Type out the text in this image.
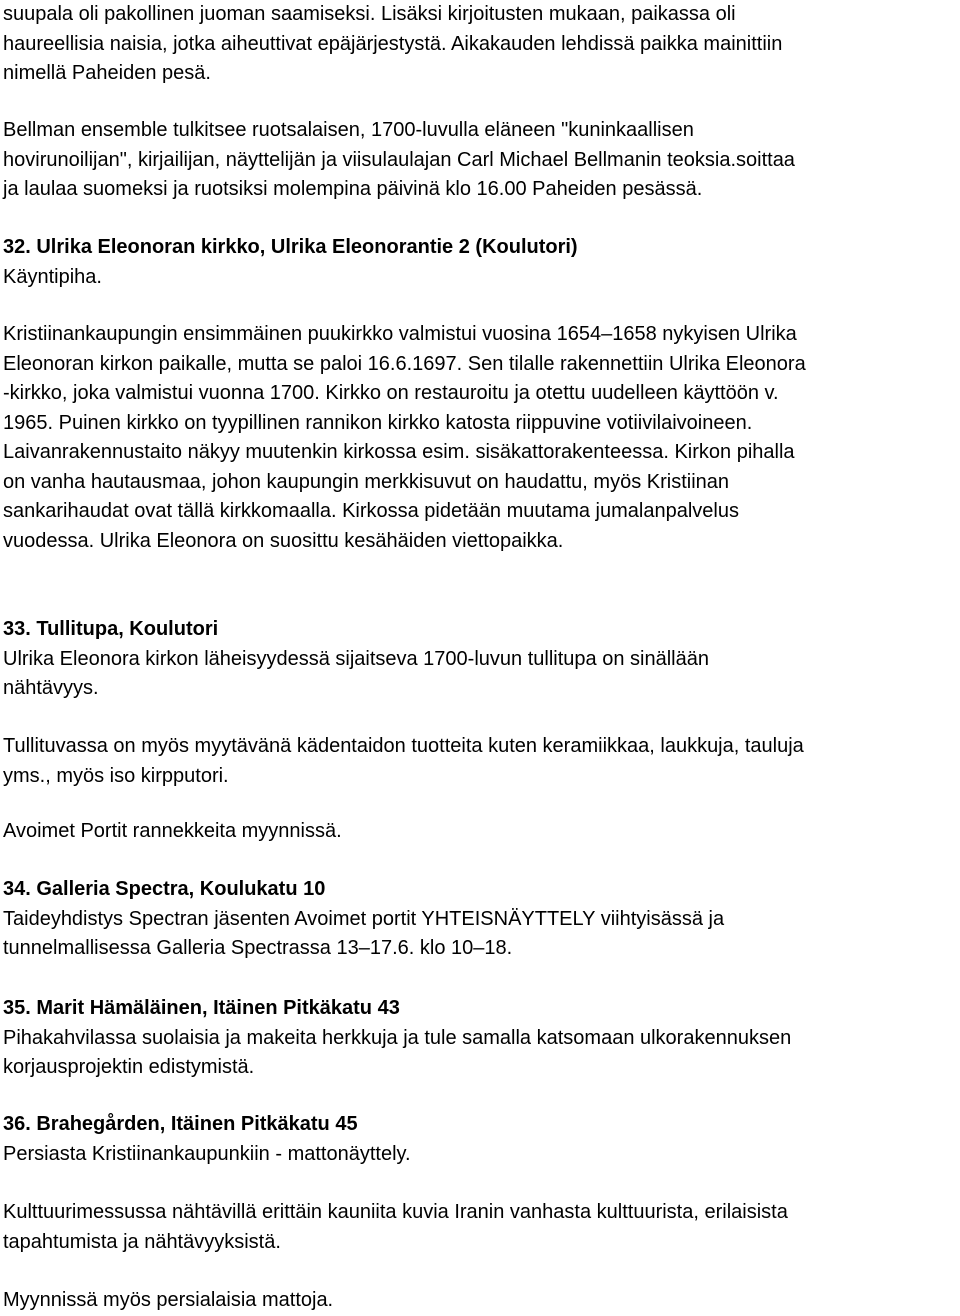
suupala oli pakollinen juoman saamiseksi. Lisäksi kirjoitusten mukaan, paikassa oli
haureellisia naisia, jotka aiheuttivat epäjärjestystä. Aikakauden lehdissä paikka mainittiin
nimellä Paheiden pesä.
Bellman ensemble tulkitsee ruotsalaisen, 1700-luvulla eläneen "kuninkaallisen
hovirunoilijan", kirjailijan, näyttelijän ja viisulaulajan Carl Michael Bellmanin teoksia.soittaa
ja laulaa suomeksi ja ruotsiksi molempina päivinä klo 16.00 Paheiden pesässä.
32. Ulrika Eleonoran kirkko, Ulrika Eleonorantie 2 (Koulutori)
Käyntipiha.
Kristiinankaupungin ensimmäinen puukirkko valmistui vuosina 1654–1658 nykyisen Ulrika
Eleonoran kirkon paikalle, mutta se paloi 16.6.1697. Sen tilalle rakennettiin Ulrika Eleonora
-kirkko, joka valmistui vuonna 1700. Kirkko on restauroitu ja otettu uudelleen käyttöön v.
1965. Puinen kirkko on tyypillinen rannikon kirkko katosta riippuvine votiivilaivoineen.
Laivanrakennustaito näkyy muutenkin kirkossa esim. sisäkattorakenteessa. Kirkon pihalla
on vanha hautausmaa, johon kaupungin merkkisuvut on haudattu, myös Kristiinan
sankarihaudat ovat tällä kirkkomaalla. Kirkossa pidetään muutama jumalanpalvelus
vuodessa. Ulrika Eleonora on suosittu kesähäiden viettopaikka.
33. Tullitupa, Koulutori
Ulrika Eleonora kirkon läheisyydessä sijaitseva 1700-luvun tullitupa on sinällään
nähtävyys.
Tullituvassa on myös myytävänä kädentaidon tuotteita kuten keramiikkaa, laukkuja, tauluja
yms., myös iso kirpputori.
Avoimet Portit rannekkeita myynnissä.
34. Galleria Spectra, Koulukatu 10
Taideyhdistys Spectran jäsenten Avoimet portit YHTEISNÄYTTELY viihtyisässä ja
tunnelmallisessa Galleria Spectrassa 13–17.6. klo 10–18.
35. Marit Hämäläinen, Itäinen Pitkäkatu 43
Pihakahvilassa suolaisia ja makeita herkkuja ja tule samalla katsomaan ulkorakennuksen
korjausprojektin edistymistä.
36. Brahegården, Itäinen Pitkäkatu 45
Persiasta Kristiinankaupunkiin - mattonäyttely.
Kulttuurimessussa nähtävillä erittäin kauniita kuvia Iranin vanhasta kulttuurista, erilaisista
tapahtumista ja nähtävyyksistä.
Myynnissä myös persialaisia mattoja.
